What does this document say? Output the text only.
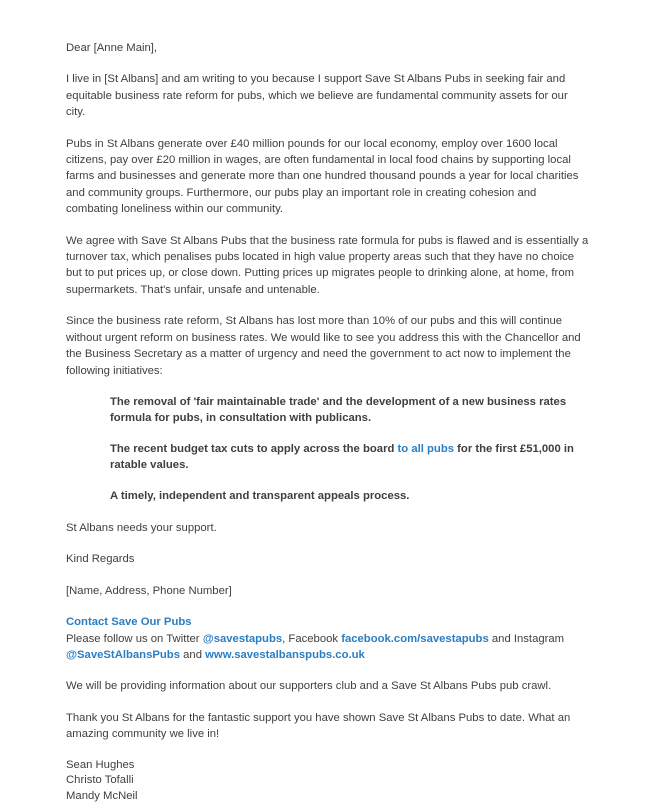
Dear [Anne Main],

I live in [St Albans] and am writing to you because I support Save St Albans Pubs in seeking fair and equitable business rate reform for pubs, which we believe are fundamental community assets for our city.

Pubs in St Albans generate over £40 million pounds for our local economy, employ over 1600 local citizens, pay over £20 million in wages, are often fundamental in local food chains by supporting local farms and businesses and generate more than one hundred thousand pounds a year for local charities and community groups. Furthermore, our pubs play an important role in creating cohesion and combating loneliness within our community.

We agree with Save St Albans Pubs that the business rate formula for pubs is flawed and is essentially a turnover tax, which penalises pubs located in high value property areas such that they have no choice but to put prices up, or close down. Putting prices up migrates people to drinking alone, at home, from supermarkets. That's unfair, unsafe and untenable.

Since the business rate reform, St Albans has lost more than 10% of our pubs and this will continue without urgent reform on business rates. We would like to see you address this with the Chancellor and the Business Secretary as a matter of urgency and need the government to act now to implement the following initiatives:

The removal of 'fair maintainable trade' and the development of a new business rates formula for pubs, in consultation with publicans.

The recent budget tax cuts to apply across the board to all pubs for the first £51,000 in ratable values.

A timely, independent and transparent appeals process.

St Albans needs your support.

Kind Regards

[Name, Address, Phone Number]

Contact Save Our Pubs

Please follow us on Twitter @savestapubs, Facebook facebook.com/savestapubs and Instagram @SaveStAlbansPubs and www.savestalbanspubs.co.uk

We will be providing information about our supporters club and a Save St Albans Pubs pub crawl.

Thank you St Albans for the fantastic support you have shown Save St Albans Pubs to date. What an amazing community we live in!

Sean Hughes
Christo Tofalli
Mandy McNeil
